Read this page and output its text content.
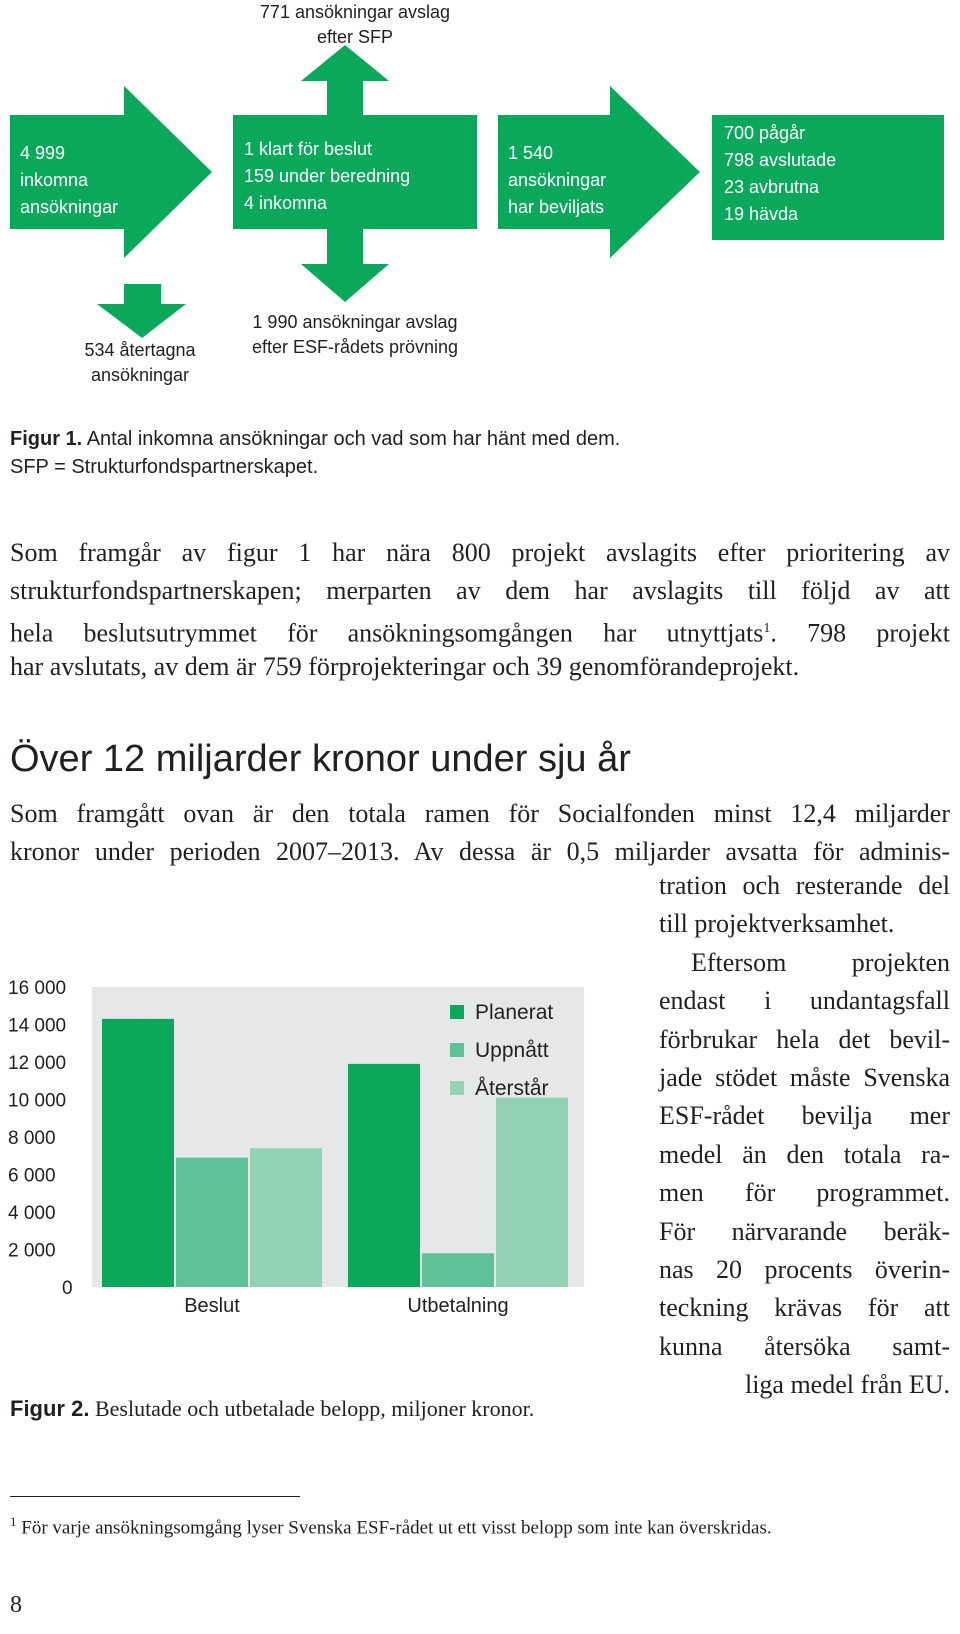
771 ansökningar avslag
efter SFP
4 999
inkomna
ansökningar
1 klart för beslut
159 under beredning
4 inkomna
1 540
ansökningar
har beviljats
700 pågår
798 avslutade
23 avbrutna
19 hävda
534 återtagna
ansökningar
1 990 ansökningar avslag
efter ESF-rådets prövning
Figur 1. Antal inkomna ansökningar och vad som har hänt med dem.
SFP = Strukturfondspartnerskapet.
Som framgår av figur 1 har nära 800 projekt avslagits efter prioritering av
strukturfondspartnerskapen; merparten av dem har avslagits till följd av att
hela beslutsutrymmet för ansökningsomgången har utnyttjats$^1$. 798 projekt
har avslutats, av dem är 759 förprojekteringar och 39 genomförandeprojekt.
Över 12 miljarder kronor under sju år
Som framgått ovan är den totala ramen för Socialfonden minst 12,4 miljarder
kronor under perioden 2007–2013. Av dessa är 0,5 miljarder avsatta för adminis-
tration och resterande del
till projektverksamhet.
Eftersom projekten
endast i undantagsfall
förbrukar hela det bevil-
jade stödet måste Svenska
ESF-rådet bevilja mer
medel än den totala ra-
men för programmet.
För närvarande beräk-
nas 20 procents överin-
teckning krävas för att
kunna återsöka samt-
liga medel från EU.
0
2 000
4 000
6 000
8 000
10 000
12 000
14 000
16 000
Beslut	Utbetalning
Planerat
Uppnått
Återstår
Figur 2. Beslutade och utbetalade belopp, miljoner kronor.
$^1$ För varje ansökningsomgång lyser Svenska ESF-rådet ut ett visst belopp som inte kan överskridas.
8
